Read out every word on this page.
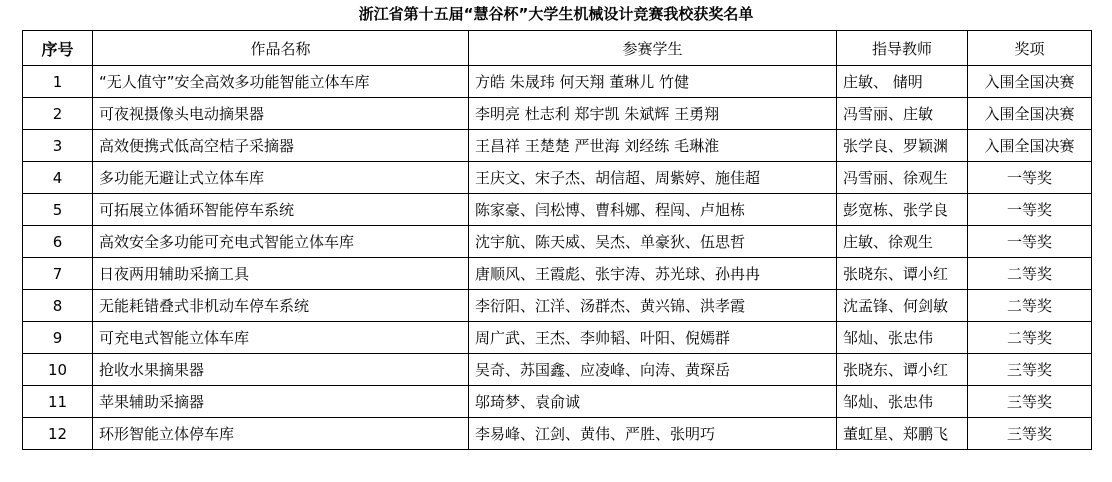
浙江省第十五届“慧谷杯”大学生机械设计竞赛我校获奖名单
序号	作品名称	参赛学生	指导教师	奖项
1	“无人值守”安全高效多功能智能立体车库	方皓 朱晟玮 何天翔 董琳儿 竹健	庄敏、 储明	入围全国决赛
2	可夜视摄像头电动摘果器	李明亮 杜志利 郑宇凯 朱斌辉 王勇翔	冯雪丽、庄敏	入围全国决赛
3	高效便携式低高空桔子采摘器	王昌祥 王楚楚 严世海 刘经练 毛琳淮	张学良、罗颖渊	入围全国决赛
4	多功能无避让式立体车库	王庆文、宋子杰、胡信超、周紫婷、施佳超	冯雪丽、徐观生	一等奖
5	可拓展立体循环智能停车系统	陈家豪、闫松博、曹科娜、程闯、卢旭栋	彭宽栋、张学良	一等奖
6	高效安全多功能可充电式智能立体车库	沈宇航、陈天威、吴杰、单豪狄、伍思哲	庄敏、徐观生	一等奖
7	日夜两用辅助采摘工具	唐顺风、王霞彪、张宇涛、苏光球、孙冉冉	张晓东、谭小红	二等奖
8	无能耗错叠式非机动车停车系统	李衍阳、江洋、汤群杰、黄兴锦、洪孝霞	沈孟锋、何剑敏	二等奖
9	可充电式智能立体车库	周广武、王杰、李帅韬、叶阳、倪嫣群	邹灿、张忠伟	二等奖
10	抢收水果摘果器	吴奇、苏国鑫、应凌峰、向涛、黄琛岳	张晓东、谭小红	三等奖
11	苹果辅助采摘器	邬琦梦、袁俞诚	邹灿、张忠伟	三等奖
12	环形智能立体停车库	李易峰、江剑、黄伟、严胜、张明巧	董虹星、郑鹏飞	三等奖
